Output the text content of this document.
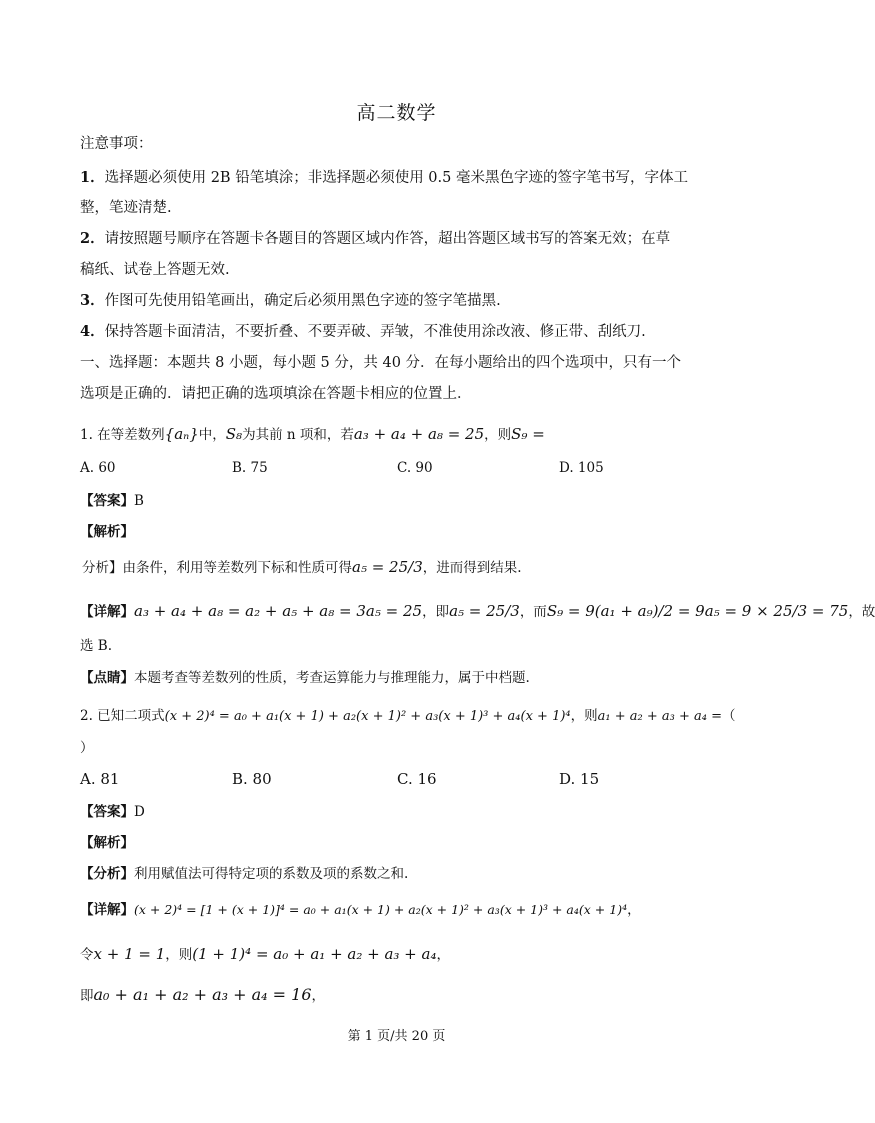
高二数学
注意事项：
1．选择题必须使用 2B 铅笔填涂；非选择题必须使用 0.5 毫米黑色字迹的签字笔书写，字体工
整，笔迹清楚.
2．请按照题号顺序在答题卡各题目的答题区域内作答，超出答题区域书写的答案无效；在草
稿纸、试卷上答题无效.
3．作图可先使用铅笔画出，确定后必须用黑色字迹的签字笔描黑.
4．保持答题卡面清洁，不要折叠、不要弄破、弄皱，不准使用涂改液、修正带、刮纸刀.
一、选择题：本题共 8 小题，每小题 5 分，共 40 分．在每小题给出的四个选项中，只有一个
选项是正确的．请把正确的选项填涂在答题卡相应的位置上．
1. 在等差数列{aₙ}中，S₈为其前 n 项和，若a₃ + a₄ + a₈ = 25，则S₉ =
A. 60	B. 75	C. 90	D. 105
【答案】B
【解析】
分析】由条件，利用等差数列下标和性质可得a₅ = 25/3，进而得到结果.
【详解】a₃ + a₄ + a₈ = a₂ + a₅ + a₈ = 3a₅ = 25，即a₅ = 25/3，而S₉ = 9(a₁ + a₉)/2 = 9a₅ = 9 × 25/3 = 75，故
选 B.
【点睛】本题考查等差数列的性质，考查运算能力与推理能力，属于中档题.
2. 已知二项式(x + 2)⁴ = a₀ + a₁(x + 1) + a₂(x + 1)² + a₃(x + 1)³ + a₄(x + 1)⁴，则a₁ + a₂ + a₃ + a₄ =（
）
A. 81	B. 80	C. 16	D. 15
【答案】D
【解析】
【分析】利用赋值法可得特定项的系数及项的系数之和.
【详解】(x + 2)⁴ = [1 + (x + 1)]⁴ = a₀ + a₁(x + 1) + a₂(x + 1)² + a₃(x + 1)³ + a₄(x + 1)⁴，
令x + 1 = 1，则(1 + 1)⁴ = a₀ + a₁ + a₂ + a₃ + a₄，
即a₀ + a₁ + a₂ + a₃ + a₄ = 16，
第 1 页/共 20 页
